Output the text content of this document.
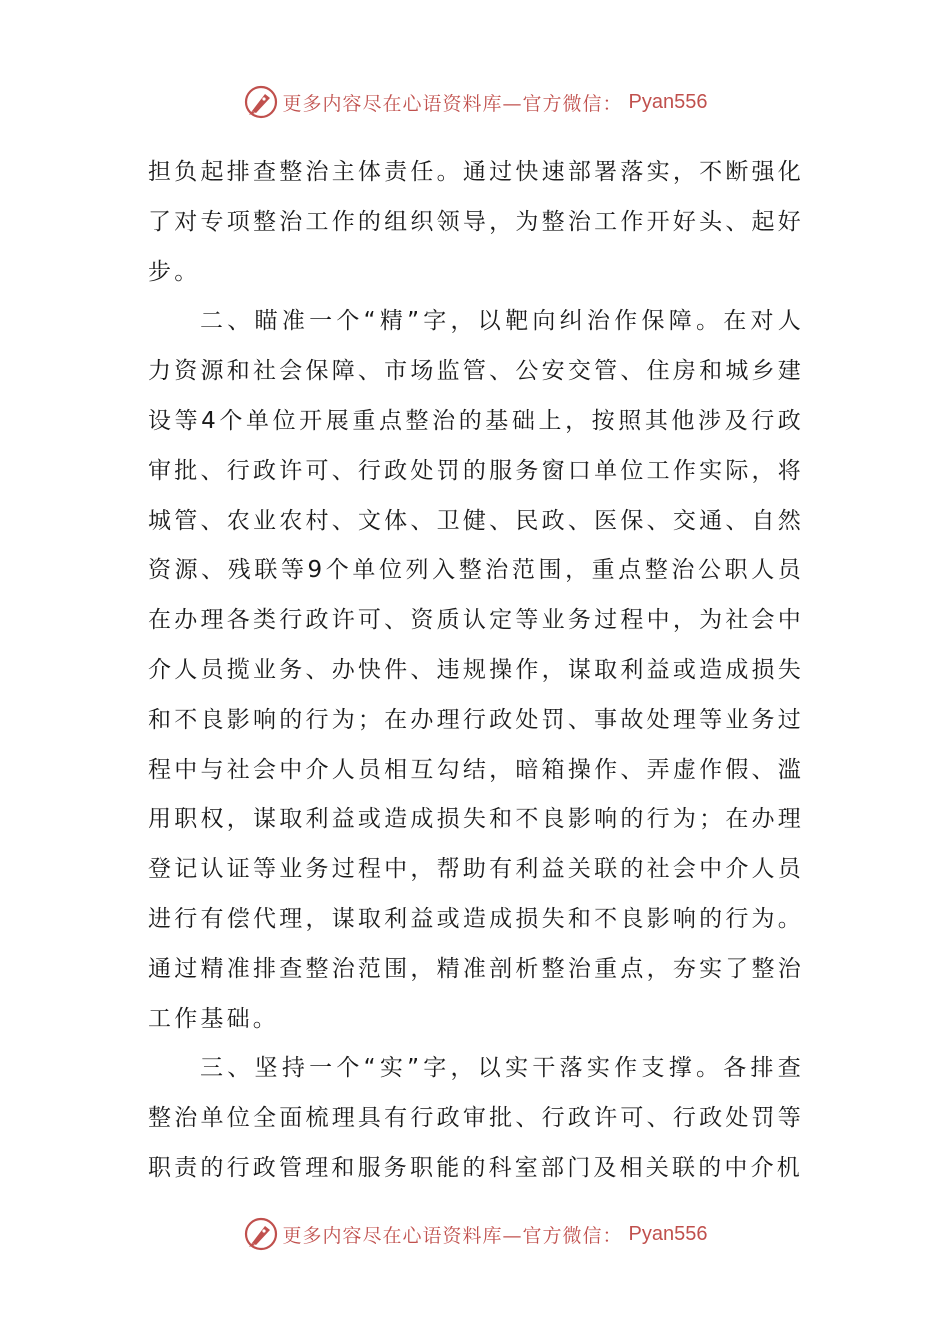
更多内容尽在心语资料库—官方微信： Pyan556

担负起排查整治主体责任。通过快速部署落实，不断强化了对专项整治工作的组织领导，为整治工作开好头、起好步。

二、瞄准一个“精”字，以靶向纠治作保障。在对人力资源和社会保障、市场监管、公安交管、住房和城乡建设等4个单位开展重点整治的基础上，按照其他涉及行政审批、行政许可、行政处罚的服务窗口单位工作实际，将城管、农业农村、文体、卫健、民政、医保、交通、自然资源、残联等9个单位列入整治范围，重点整治公职人员在办理各类行政许可、资质认定等业务过程中，为社会中介人员揽业务、办快件、违规操作，谋取利益或造成损失和不良影响的行为；在办理行政处罚、事故处理等业务过程中与社会中介人员相互勾结，暗箱操作、弄虚作假、滥用职权，谋取利益或造成损失和不良影响的行为；在办理登记认证等业务过程中，帮助有利益关联的社会中介人员进行有偿代理，谋取利益或造成损失和不良影响的行为。通过精准排查整治范围，精准剖析整治重点，夯实了整治工作基础。

三、坚持一个“实”字，以实干落实作支撑。各排查整治单位全面梳理具有行政审批、行政许可、行政处罚等职责的行政管理和服务职能的科室部门及相关联的中介机

更多内容尽在心语资料库—官方微信： Pyan556
